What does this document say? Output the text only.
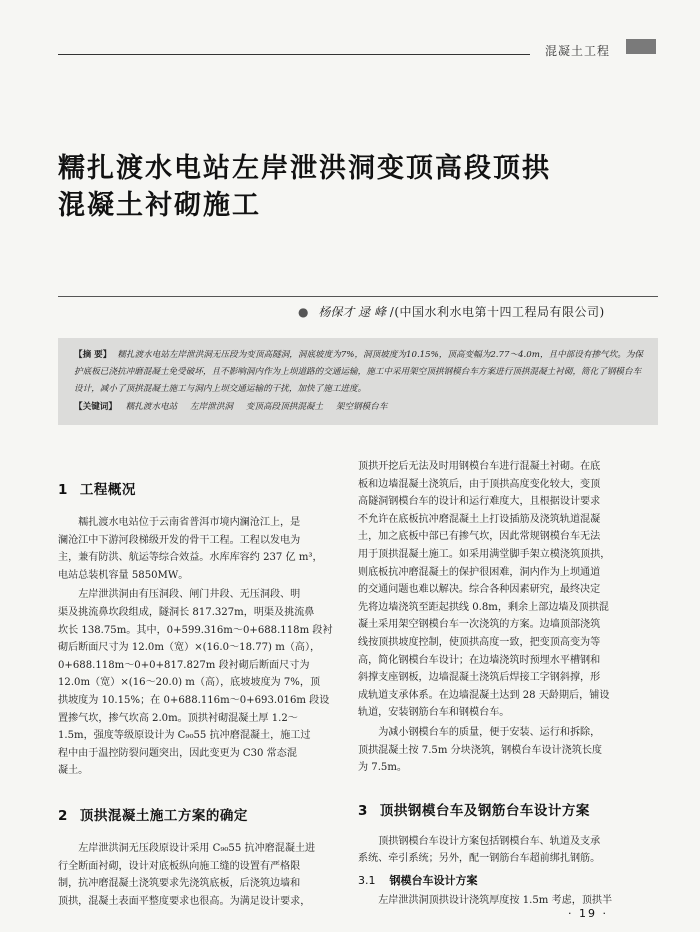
混凝土工程
糯扎渡水电站左岸泄洪洞变顶高段顶拱
混凝土衬砌施工
● 杨保才 逯 峰 /(中国水利水电第十四工程局有限公司)
【摘 要】 糯扎渡水电站左岸泄洪洞无压段为变顶高隧洞，洞底坡度为7%，洞顶坡度为10.15%，顶高变幅为2.77～4.0m，且中部设有掺气坎。为保护底板已浇抗冲磨混凝土免受破坏，且不影响洞内作为上坝道路的交通运输，施工中采用架空顶拱钢模台车方案进行顶拱混凝土衬砌，简化了钢模台车设计，减小了顶拱混凝土施工与洞内上坝交通运输的干扰，加快了施工进度。
【关键词】 糯扎渡水电站 左岸泄洪洞 变顶高段顶拱混凝土 架空钢模台车
1 工程概况

糯扎渡水电站位于云南省普洱市境内澜沧江上，是
澜沧江中下游河段梯级开发的骨干工程。工程以发电为
主，兼有防洪、航运等综合效益。水库库容约 237 亿 m³，
电站总装机容量 5850MW。

左岸泄洪洞由有压洞段、闸门井段、无压洞段、明
渠及挑流鼻坎段组成，隧洞长 817.327m，明渠及挑流鼻
坎长 138.75m。其中，0+599.316m～0+688.118m 段衬
砌后断面尺寸为 12.0m（宽）×(16.0～18.77) m（高），
0+688.118m～0+0+817.827m 段衬砌后断面尺寸为
12.0m（宽）×(16～20.0) m（高），底坡坡度为 7%，顶
拱坡度为 10.15%；在 0+688.116m～0+693.016m 段设
置掺气坎，掺气坎高 2.0m。顶拱衬砌混凝土厚 1.2～
1.5m，强度等级原设计为 C₉₀55 抗冲磨混凝土，施工过
程中由于温控防裂问题突出，因此变更为 C30 常态混
凝土。

2 顶拱混凝土施工方案的确定

左岸泄洪洞无压段原设计采用 C₉₀55 抗冲磨混凝土进
行全断面衬砌，设计对底板纵向施工缝的设置有严格限
制，抗冲磨混凝土浇筑要求先浇筑底板，后浇筑边墙和
顶拱，混凝土表面平整度要求也很高。为满足设计要求，

顶拱开挖后无法及时用钢模台车进行混凝土衬砌。在底
板和边墙混凝土浇筑后，由于顶拱高度变化较大，变顶
高隧洞钢模台车的设计和运行难度大，且根据设计要求
不允许在底板抗冲磨混凝土上打设插筋及浇筑轨道混凝
土，加之底板中部已有掺气坎，因此常规钢模台车无法
用于顶拱混凝土施工。如采用满堂脚手架立模浇筑顶拱，
则底板抗冲磨混凝土的保护很困难，洞内作为上坝通道
的交通问题也难以解决。综合各种因素研究，最终决定
先将边墙浇筑至距起拱线 0.8m，剩余上部边墙及顶拱混
凝土采用架空钢模台车一次浇筑的方案。边墙顶部浇筑
线按顶拱坡度控制，使顶拱高度一致，把变顶高变为等
高，简化钢模台车设计；在边墙浇筑时预埋水平槽钢和
斜撑支座钢板，边墙混凝土浇筑后焊接工字钢斜撑，形
成轨道支承体系。在边墙混凝土达到 28 天龄期后，铺设
轨道，安装钢筋台车和钢模台车。

为减小钢模台车的质量，便于安装、运行和拆除，
顶拱混凝土按 7.5m 分块浇筑，钢模台车设计浇筑长度
为 7.5m。

3 顶拱钢模台车及钢筋台车设计方案

顶拱钢模台车设计方案包括钢模台车、轨道及支承
系统、牵引系统；另外，配一钢筋台车超前绑扎钢筋。

3.1 钢模台车设计方案

左岸泄洪洞顶拱设计浇筑厚度按 1.5m 考虑，顶拱半

· 19 ·
